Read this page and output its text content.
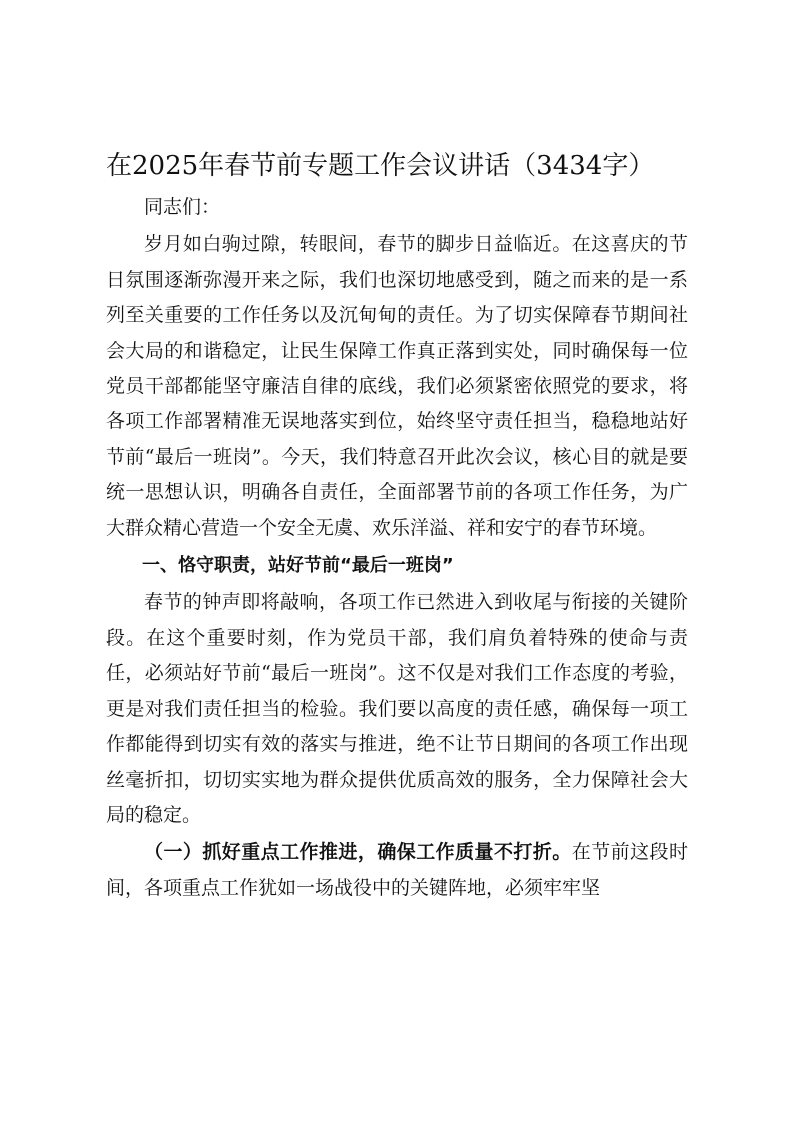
在2025年春节前专题工作会议讲话（3434字）

同志们：

岁月如白驹过隙，转眼间，春节的脚步日益临近。在这喜庆的节日氛围逐渐弥漫开来之际，我们也深切地感受到，随之而来的是一系列至关重要的工作任务以及沉甸甸的责任。为了切实保障春节期间社会大局的和谐稳定，让民生保障工作真正落到实处，同时确保每一位党员干部都能坚守廉洁自律的底线，我们必须紧密依照党的要求，将各项工作部署精准无误地落实到位，始终坚守责任担当，稳稳地站好节前“最后一班岗”。今天，我们特意召开此次会议，核心目的就是要统一思想认识，明确各自责任，全面部署节前的各项工作任务，为广大群众精心营造一个安全无虞、欢乐洋溢、祥和安宁的春节环境。

一、恪守职责，站好节前“最后一班岗”

春节的钟声即将敲响，各项工作已然进入到收尾与衔接的关键阶段。在这个重要时刻，作为党员干部，我们肩负着特殊的使命与责任，必须站好节前“最后一班岗”。这不仅是对我们工作态度的考验，更是对我们责任担当的检验。我们要以高度的责任感，确保每一项工作都能得到切实有效的落实与推进，绝不让节日期间的各项工作出现丝毫折扣，切切实实地为群众提供优质高效的服务，全力保障社会大局的稳定。

（一）抓好重点工作推进，确保工作质量不打折。在节前这段时间，各项重点工作犹如一场战役中的关键阵地，必须牢牢坚
